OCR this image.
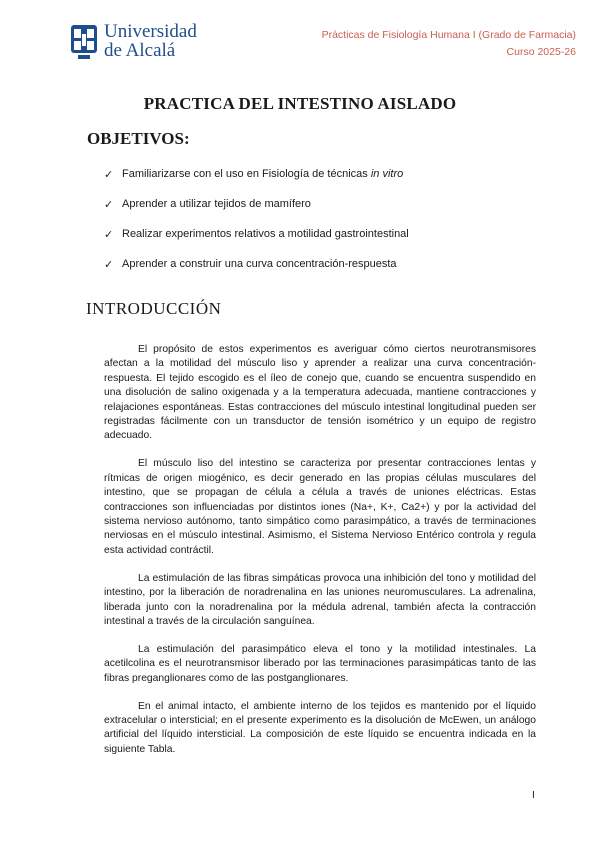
Universidad
de Alcalá
Prácticas de Fisiología Humana I (Grado de Farmacia)
Curso 2025-26
PRACTICA DEL INTESTINO AISLADO
OBJETIVOS:
✓ Familiarizarse con el uso en Fisiología de técnicas in vitro
✓ Aprender a utilizar tejidos de mamífero
✓ Realizar experimentos relativos a motilidad gastrointestinal
✓ Aprender a construir una curva concentración-respuesta
INTRODUCCIÓN

El propósito de estos experimentos es averiguar cómo ciertos neurotransmisores afectan a la motilidad del músculo liso y aprender a realizar una curva concentración- respuesta. El tejido escogido es el íleo de conejo que, cuando se encuentra suspendido en una disolución de salino oxigenada y a la temperatura adecuada, mantiene contracciones y relajaciones espontáneas. Estas contracciones del músculo intestinal longitudinal pueden ser registradas fácilmente con un transductor de tensión isométrico y un equipo de registro adecuado.

El músculo liso del intestino se caracteriza por presentar contracciones lentas y rítmicas de origen miogénico, es decir generado en las propias células musculares del intestino, que se propagan de célula a célula a través de uniones eléctricas. Estas contracciones son influenciadas por distintos iones (Na+, K+, Ca2+) y por la actividad del sistema nervioso autónomo, tanto simpático como parasimpático, a través de terminaciones nerviosas en el músculo intestinal. Asimismo, el Sistema Nervioso Entérico controla y regula esta actividad contráctil.

La estimulación de las fibras simpáticas provoca una inhibición del tono y motilidad del intestino, por la liberación de noradrenalina en las uniones neuromusculares. La adrenalina, liberada junto con la noradrenalina por la médula adrenal, también afecta la contracción intestinal a través de la circulación sanguínea.

La estimulación del parasimpático eleva el tono y la motilidad intestinales. La acetilcolina es el neurotransmisor liberado por las terminaciones parasimpáticas tanto de las fibras preganglionares como de las postganglionares.

En el animal intacto, el ambiente interno de los tejidos es mantenido por el líquido extracelular o intersticial; en el presente experimento es la disolución de McEwen, un análogo artificial del líquido intersticial. La composición de este líquido se encuentra indicada en la siguiente Tabla.

I
